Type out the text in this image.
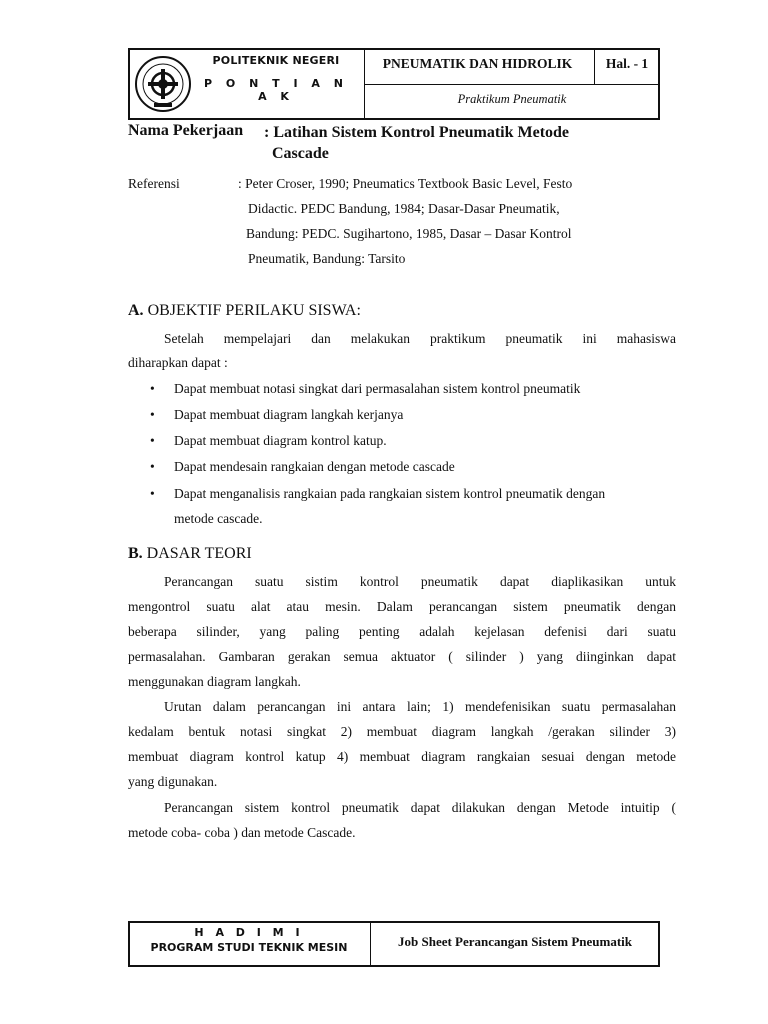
POLITEKNIK NEGERI
P O N T I A N A K
PNEUMATIK DAN HIDROLIK	Hal. - 1
Praktikum Pneumatik
Nama Pekerjaan : Latihan Sistem Kontrol Pneumatik Metode
Cascade
Referensi	: Peter Croser, 1990; Pneumatics Textbook Basic Level, Festo
Didactic. PEDC Bandung, 1984; Dasar-Dasar Pneumatik,
Bandung: PEDC. Sugihartono, 1985, Dasar – Dasar Kontrol
Pneumatik, Bandung: Tarsito
A. OBJEKTIF PERILAKU SISWA:
Setelah mempelajari dan melakukan praktikum pneumatik ini mahasiswa
diharapkan dapat :
• Dapat membuat notasi singkat dari permasalahan sistem kontrol pneumatik
• Dapat membuat diagram langkah kerjanya
• Dapat membuat diagram kontrol katup.
• Dapat mendesain rangkaian dengan metode cascade
• Dapat menganalisis rangkaian pada rangkaian sistem kontrol pneumatik dengan
metode cascade.
B. DASAR TEORI
Perancangan suatu sistim kontrol pneumatik dapat diaplikasikan untuk
mengontrol suatu alat atau mesin. Dalam perancangan sistem pneumatik dengan
beberapa silinder, yang paling penting adalah kejelasan defenisi dari suatu
permasalahan. Gambaran gerakan semua aktuator ( silinder ) yang diinginkan dapat
menggunakan diagram langkah.
Urutan dalam perancangan ini antara lain; 1) mendefenisikan suatu permasalahan
kedalam bentuk notasi singkat 2) membuat diagram langkah /gerakan silinder 3)
membuat diagram kontrol katup 4) membuat diagram rangkaian sesuai dengan metode
yang digunakan.
Perancangan sistem kontrol pneumatik dapat dilakukan dengan Metode intuitip (
metode coba- coba ) dan metode Cascade.
H A D I M I
PROGRAM STUDI TEKNIK MESIN	Job Sheet Perancangan Sistem Pneumatik
